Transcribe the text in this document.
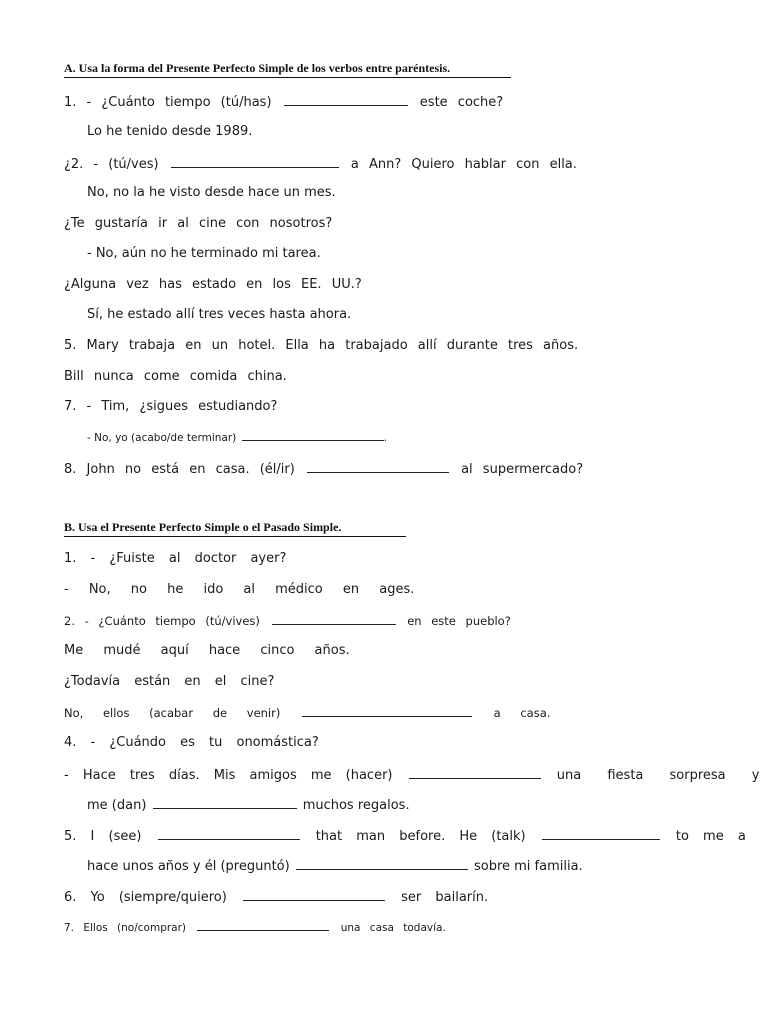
A. Usa la forma del Presente Perfecto Simple de los verbos entre paréntesis.
1. - ¿Cuánto tiempo (tú/has)	este coche?
Lo he tenido desde 1989.
¿2. - (tú/ves)	a Ann? Quiero hablar con ella.
No, no la he visto desde hace un mes.
¿Te gustaría ir al cine con nosotros?
- No, aún no he terminado mi tarea.
¿Alguna vez has estado en los EE. UU.?
Sí, he estado allí tres veces hasta ahora.
5. Mary trabaja en un hotel. Ella ha trabajado allí durante tres años.
Bill nunca come comida china.
7. - Tim, ¿sigues estudiando?
- No, yo (acabo/de terminar)	.
8. John no está en casa. (él/ir)	al supermercado?
B. Usa el Presente Perfecto Simple o el Pasado Simple.
1. - ¿Fuiste al doctor ayer?
- No, no he ido al médico en ages.
2. - ¿Cuánto tiempo (tú/vives)	en este pueblo?
Me mudé aquí hace cinco años.
¿Todavía están en el cine?
No, ellos (acabar de venir)	a casa.
4. - ¿Cuándo es tu onomástica?
- Hace tres días. Mis amigos me (hacer)	una fiesta sorpresa y
me (dan)	muchos regalos.
5. I (see)	that man before. He (talk)	to me a
hace unos años y él (preguntó)	sobre mi familia.
6. Yo (siempre/quiero)	ser bailarín.
7. Ellos (no/comprar)	una casa todavía.
